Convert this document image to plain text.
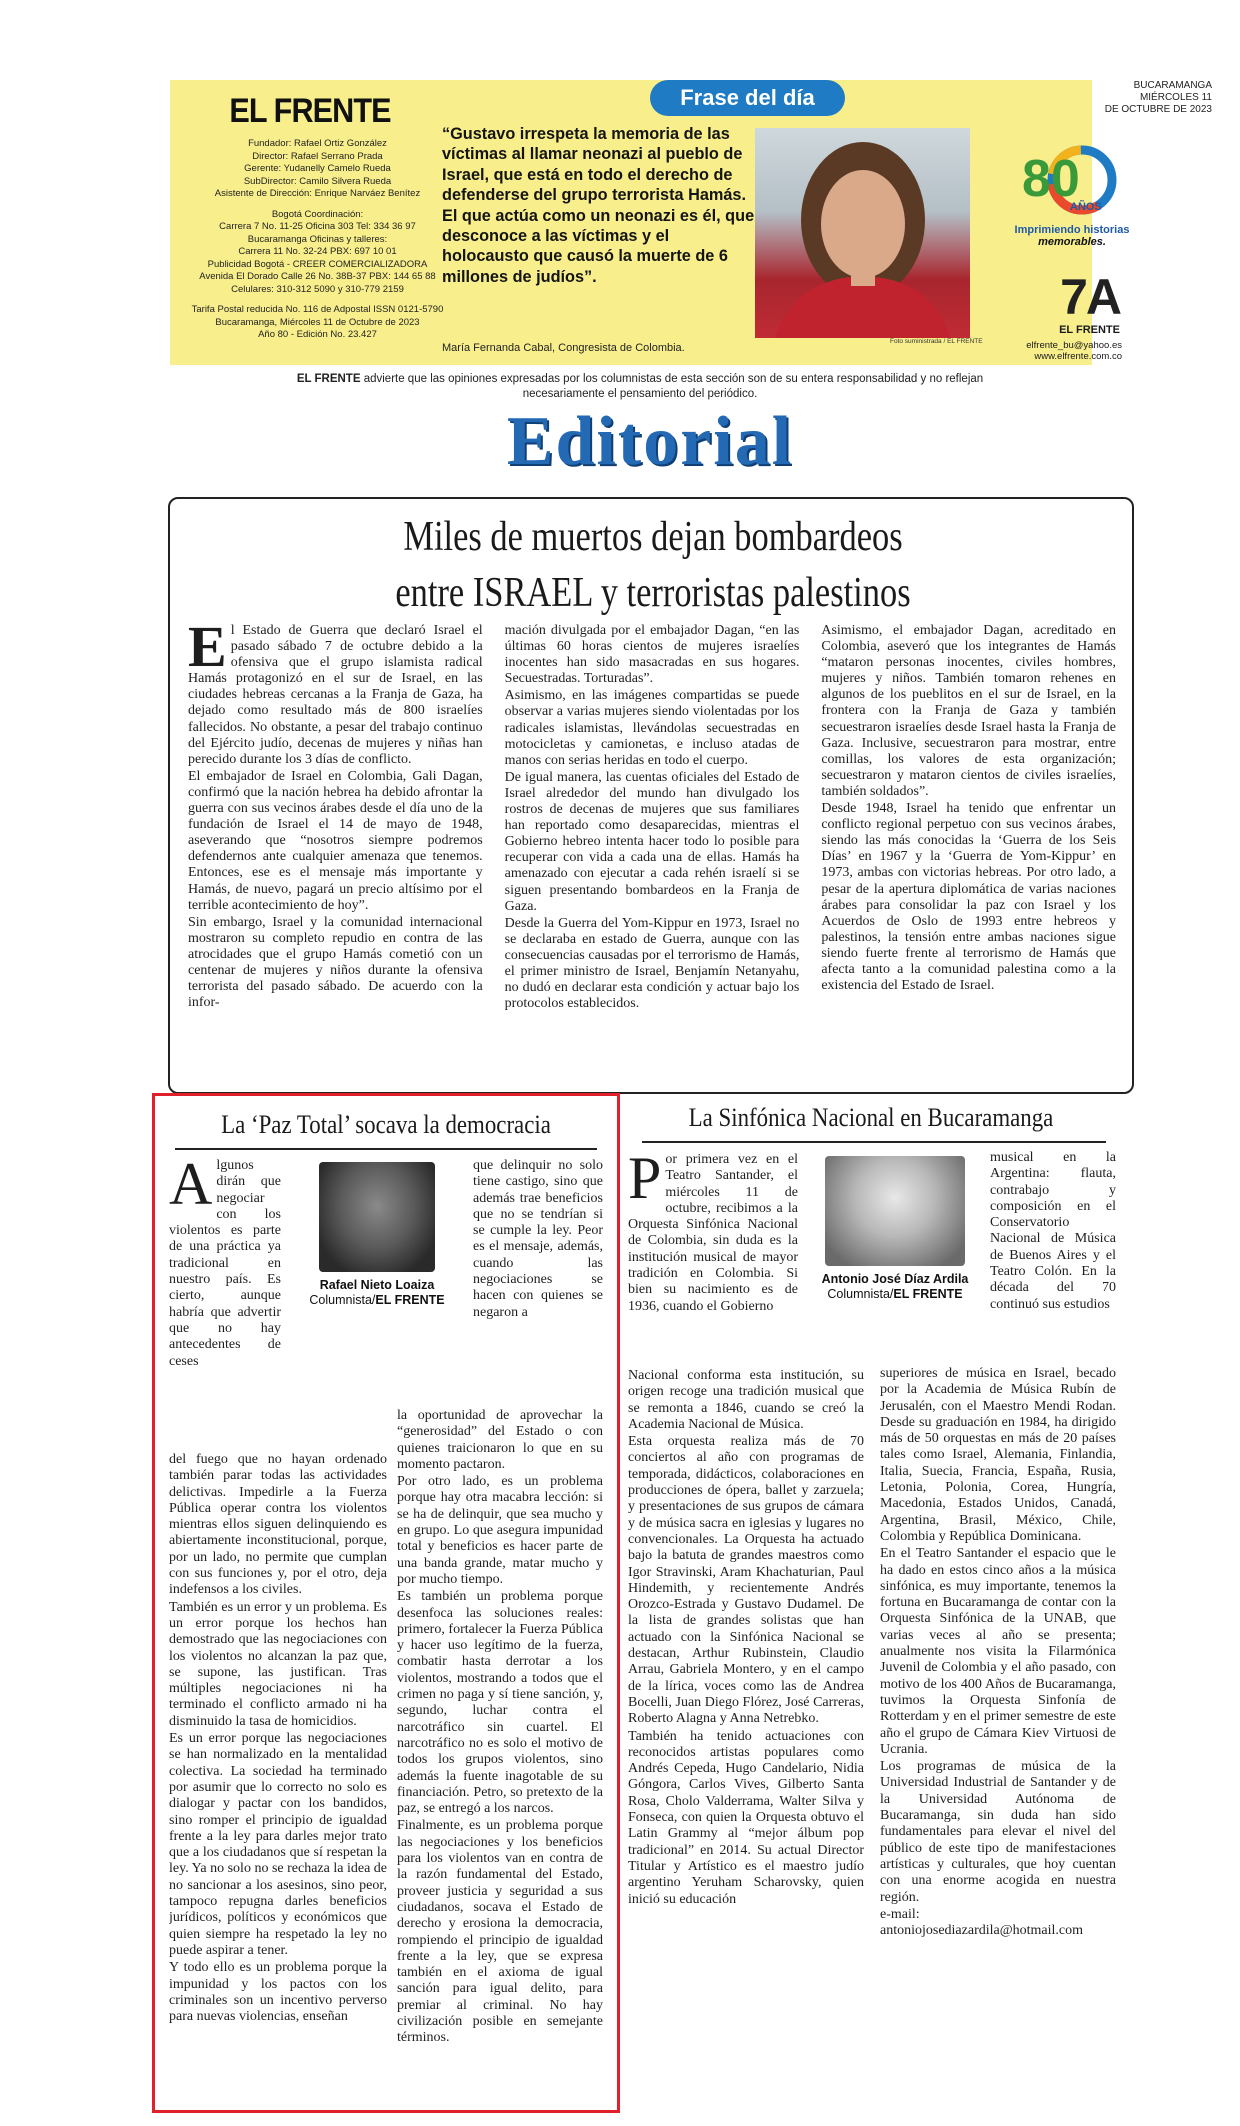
EL FRENTE
Fundador: Rafael Ortiz González
Director: Rafael Serrano Prada
Gerente: Yudanelly Camelo Rueda
SubDirector: Camilo Silvera Rueda
Asistente de Dirección: Enrique Narváez Benítez
Bogotá Coordinación:
Carrera 7 No. 11-25 Oficina 303 Tel: 334 36 97
Bucaramanga Oficinas y talleres:
Carrera 11 No. 32-24 PBX: 697 10 01
Publicidad Bogotá - CREER COMERCIALIZADORA
Avenida El Dorado Calle 26 No. 38B-37 PBX: 144 65 88
Celulares: 310-312 5090 y 310-779 2159
Tarifa Postal reducida No. 116 de Adpostal ISSN 0121-5790
Bucaramanga, Miércoles 11 de Octubre de 2023
Año 80 - Edición No. 23.427
Frase del día
“Gustavo irrespeta la memoria de las víctimas al llamar neonazi al pueblo de Israel, que está en todo el derecho de defenderse del grupo terrorista Hamás. El que actúa como un neonazi es él, que desconoce a las víctimas y el holocausto que causó la muerte de 6 millones de judíos”.
María Fernanda Cabal, Congresista de Colombia.
Foto suministrada / EL FRENTE
BUCARAMANGA
MIÉRCOLES 11
DE OCTUBRE DE 2023
80
AÑOS
Imprimiendo historias
memorables.
7A
EL FRENTE
elfrente_bu@yahoo.es
www.elfrente.com.co
EL FRENTE advierte que las opiniones expresadas por los columnistas de esta sección son de su entera responsabilidad y no reflejan necesariamente el pensamiento del periódico.
Editorial
Miles de muertos dejan bombardeos
entre ISRAEL y terroristas palestinos
E l Estado de Guerra que declaró Israel el pasado sábado 7 de octubre debido a la ofensiva que el grupo islamista radical Hamás protagonizó en el sur de Israel, en las ciudades hebreas cercanas a la Franja de Gaza, ha dejado como resultado más de 800 israelíes fallecidos. No obstante, a pesar del trabajo continuo del Ejército judío, decenas de mujeres y niñas han perecido durante los 3 días de conflicto.

El embajador de Israel en Colombia, Gali Dagan, confirmó que la nación hebrea ha debido afrontar la guerra con sus vecinos árabes desde el día uno de la fundación de Israel el 14 de mayo de 1948, aseverando que “nosotros siempre podremos defendernos ante cualquier amenaza que tenemos. Entonces, ese es el mensaje más importante y Hamás, de nuevo, pagará un precio altísimo por el terrible acontecimiento de hoy”.

Sin embargo, Israel y la comunidad internacional mostraron su completo repudio en contra de las atrocidades que el grupo Hamás cometió con un centenar de mujeres y niños durante la ofensiva terrorista del pasado sábado. De acuerdo con la infor-

mación divulgada por el embajador Dagan, “en las últimas 60 horas cientos de mujeres israelíes inocentes han sido masacradas en sus hogares. Secuestradas. Torturadas”.

Asimismo, en las imágenes compartidas se puede observar a varias mujeres siendo violentadas por los radicales islamistas, llevándolas secuestradas en motocicletas y camionetas, e incluso atadas de manos con serias heridas en todo el cuerpo.

De igual manera, las cuentas oficiales del Estado de Israel alrededor del mundo han divulgado los rostros de decenas de mujeres que sus familiares han reportado como desaparecidas, mientras el Gobierno hebreo intenta hacer todo lo posible para recuperar con vida a cada una de ellas. Hamás ha amenazado con ejecutar a cada rehén israelí si se siguen presentando bombardeos en la Franja de Gaza.

Desde la Guerra del Yom-Kippur en 1973, Israel no se declaraba en estado de Guerra, aunque con las consecuencias causadas por el terrorismo de Hamás, el primer ministro de Israel, Benjamín Netanyahu, no dudó en declarar esta condición y actuar bajo los protocolos establecidos.

Asimismo, el embajador Dagan, acreditado en Colombia, aseveró que los integrantes de Hamás “mataron personas inocentes, civiles hombres, mujeres y niños. También tomaron rehenes en algunos de los pueblitos en el sur de Israel, en la frontera con la Franja de Gaza y también secuestraron israelíes desde Israel hasta la Franja de Gaza. Inclusive, secuestraron para mostrar, entre comillas, los valores de esta organización; secuestraron y mataron cientos de civiles israelíes, también soldados”.

Desde 1948, Israel ha tenido que enfrentar un conflicto regional perpetuo con sus vecinos árabes, siendo las más conocidas la ‘Guerra de los Seis Días’ en 1967 y la ‘Guerra de Yom-Kippur’ en 1973, ambas con victorias hebreas. Por otro lado, a pesar de la apertura diplomática de varias naciones árabes para consolidar la paz con Israel y los Acuerdos de Oslo de 1993 entre hebreos y palestinos, la tensión entre ambas naciones sigue siendo fuerte frente al terrorismo de Hamás que afecta tanto a la comunidad palestina como a la existencia del Estado de Israel.

La ‘Paz Total’ socava la democracia
Algunos dirán que negociar con los violentos es parte de una práctica ya tradicional en nuestro país. Es cierto, aunque habría que advertir que no hay antecedentes de ceses
Rafael Nieto Loaiza
Columnista/EL FRENTE
que delinquir no solo tiene castigo, sino que además trae beneficios que no se tendrían si se cumple la ley. Peor es el mensaje, además, cuando las negociaciones se hacen con quienes se negaron a

del fuego que no hayan ordenado también parar todas las actividades delictivas. Impedirle a la Fuerza Pública operar contra los violentos mientras ellos siguen delinquiendo es abiertamente inconstitucional, porque, por un lado, no permite que cumplan con sus funciones y, por el otro, deja indefensos a los civiles.

También es un error y un problema. Es un error porque los hechos han demostrado que las negociaciones con los violentos no alcanzan la paz que, se supone, las justifican. Tras múltiples negociaciones ni ha terminado el conflicto armado ni ha disminuido la tasa de homicidios.

Es un error porque las negociaciones se han normalizado en la mentalidad colectiva. La sociedad ha terminado por asumir que lo correcto no solo es dialogar y pactar con los bandidos, sino romper el principio de igualdad frente a la ley para darles mejor trato que a los ciudadanos que sí respetan la ley. Ya no solo no se rechaza la idea de no sancionar a los asesinos, sino peor, tampoco repugna darles beneficios jurídicos, políticos y económicos que quien siempre ha respetado la ley no puede aspirar a tener.

Y todo ello es un problema porque la impunidad y los pactos con los criminales son un incentivo perverso para nuevas violencias, enseñan

la oportunidad de aprovechar la “generosidad” del Estado o con quienes traicionaron lo que en su momento pactaron.

Por otro lado, es un problema porque hay otra macabra lección: si se ha de delinquir, que sea mucho y en grupo. Lo que asegura impunidad total y beneficios es hacer parte de una banda grande, matar mucho y por mucho tiempo.

Es también un problema porque desenfoca las soluciones reales: primero, fortalecer la Fuerza Pública y hacer uso legítimo de la fuerza, combatir hasta derrotar a los violentos, mostrando a todos que el crimen no paga y sí tiene sanción, y, segundo, luchar contra el narcotráfico sin cuartel. El narcotráfico no es solo el motivo de todos los grupos violentos, sino además la fuente inagotable de su financiación. Petro, so pretexto de la paz, se entregó a los narcos.

Finalmente, es un problema porque las negociaciones y los beneficios para los violentos van en contra de la razón fundamental del Estado, proveer justicia y seguridad a sus ciudadanos, socava el Estado de derecho y erosiona la democracia, rompiendo el principio de igualdad frente a la ley, que se expresa también en el axioma de igual sanción para igual delito, para premiar al criminal. No hay civilización posible en semejante términos.

La Sinfónica Nacional en Bucaramanga
Por primera vez en el Teatro Santander, el miércoles 11 de octubre, recibimos a la Orquesta Sinfónica Nacional de Colombia, sin duda es la institución musical de mayor tradición en Colombia. Si bien su nacimiento es de 1936, cuando el Gobierno
Antonio José Díaz Ardila
Columnista/EL FRENTE
musical en la Argentina: flauta, contrabajo y composición en el Conservatorio Nacional de Música de Buenos Aires y el Teatro Colón. En la década del 70 continuó sus estudios

Nacional conforma esta institución, su origen recoge una tradición musical que se remonta a 1846, cuando se creó la Academia Nacional de Música.

Esta orquesta realiza más de 70 conciertos al año con programas de temporada, didácticos, colaboraciones en producciones de ópera, ballet y zarzuela; y presentaciones de sus grupos de cámara y de música sacra en iglesias y lugares no convencionales. La Orquesta ha actuado bajo la batuta de grandes maestros como Igor Stravinski, Aram Khachaturian, Paul Hindemith, y recientemente Andrés Orozco-Estrada y Gustavo Dudamel. De la lista de grandes solistas que han actuado con la Sinfónica Nacional se destacan, Arthur Rubinstein, Claudio Arrau, Gabriela Montero, y en el campo de la lírica, voces como las de Andrea Bocelli, Juan Diego Flórez, José Carreras, Roberto Alagna y Anna Netrebko.

También ha tenido actuaciones con reconocidos artistas populares como Andrés Cepeda, Hugo Candelario, Nidia Góngora, Carlos Vives, Gilberto Santa Rosa, Cholo Valderrama, Walter Silva y Fonseca, con quien la Orquesta obtuvo el Latin Grammy al “mejor álbum pop tradicional” en 2014. Su actual Director Titular y Artístico es el maestro judío argentino Yeruham Scharovsky, quien inició su educación

superiores de música en Israel, becado por la Academia de Música Rubín de Jerusalén, con el Maestro Mendi Rodan. Desde su graduación en 1984, ha dirigido más de 50 orquestas en más de 20 países tales como Israel, Alemania, Finlandia, Italia, Suecia, Francia, España, Rusia, Letonia, Polonia, Corea, Hungría, Macedonia, Estados Unidos, Canadá, Argentina, Brasil, México, Chile, Colombia y República Dominicana.

En el Teatro Santander el espacio que le ha dado en estos cinco años a la música sinfónica, es muy importante, tenemos la fortuna en Bucaramanga de contar con la Orquesta Sinfónica de la UNAB, que varias veces al año se presenta; anualmente nos visita la Filarmónica Juvenil de Colombia y el año pasado, con motivo de los 400 Años de Bucaramanga, tuvimos la Orquesta Sinfonía de Rotterdam y en el primer semestre de este año el grupo de Cámara Kiev Virtuosi de Ucrania.

Los programas de música de la Universidad Industrial de Santander y de la Universidad Autónoma de Bucaramanga, sin duda han sido fundamentales para elevar el nivel del público de este tipo de manifestaciones artísticas y culturales, que hoy cuentan con una enorme acogida en nuestra región.

e-mail: antoniojosediazardila@hotmail.com
